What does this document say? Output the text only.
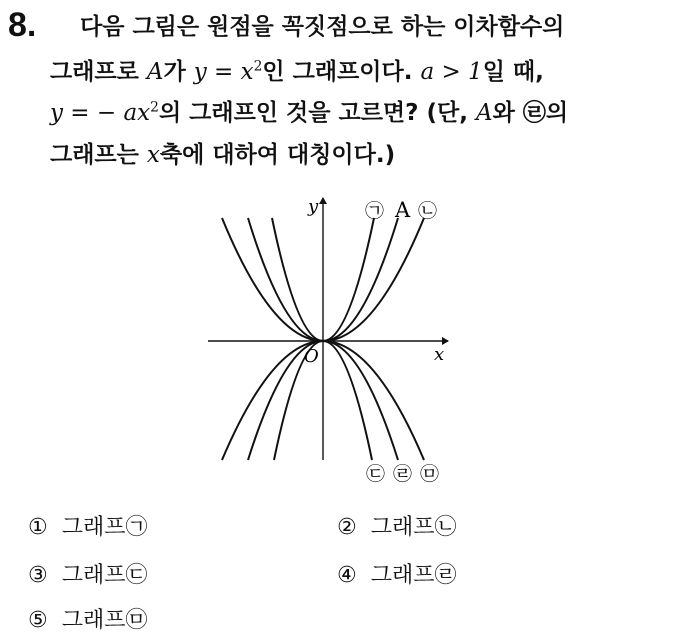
8. 다음 그림은 원점을 꼭짓점으로 하는 이차함수의
그래프로 A가 $y = x^2$인 그래프이다. a > 1일 때,
y = − $ax^2$의 그래프인 것을 고르면? (단, A와 ㉣의
그래프는 x축에 대하여 대칭이다.)
y
x
O
㉠ A ㉡
㉢ ㉣ ㉤
① 그래프㉠	② 그래프㉡
③ 그래프㉢	④ 그래프㉣
⑤ 그래프㉤
